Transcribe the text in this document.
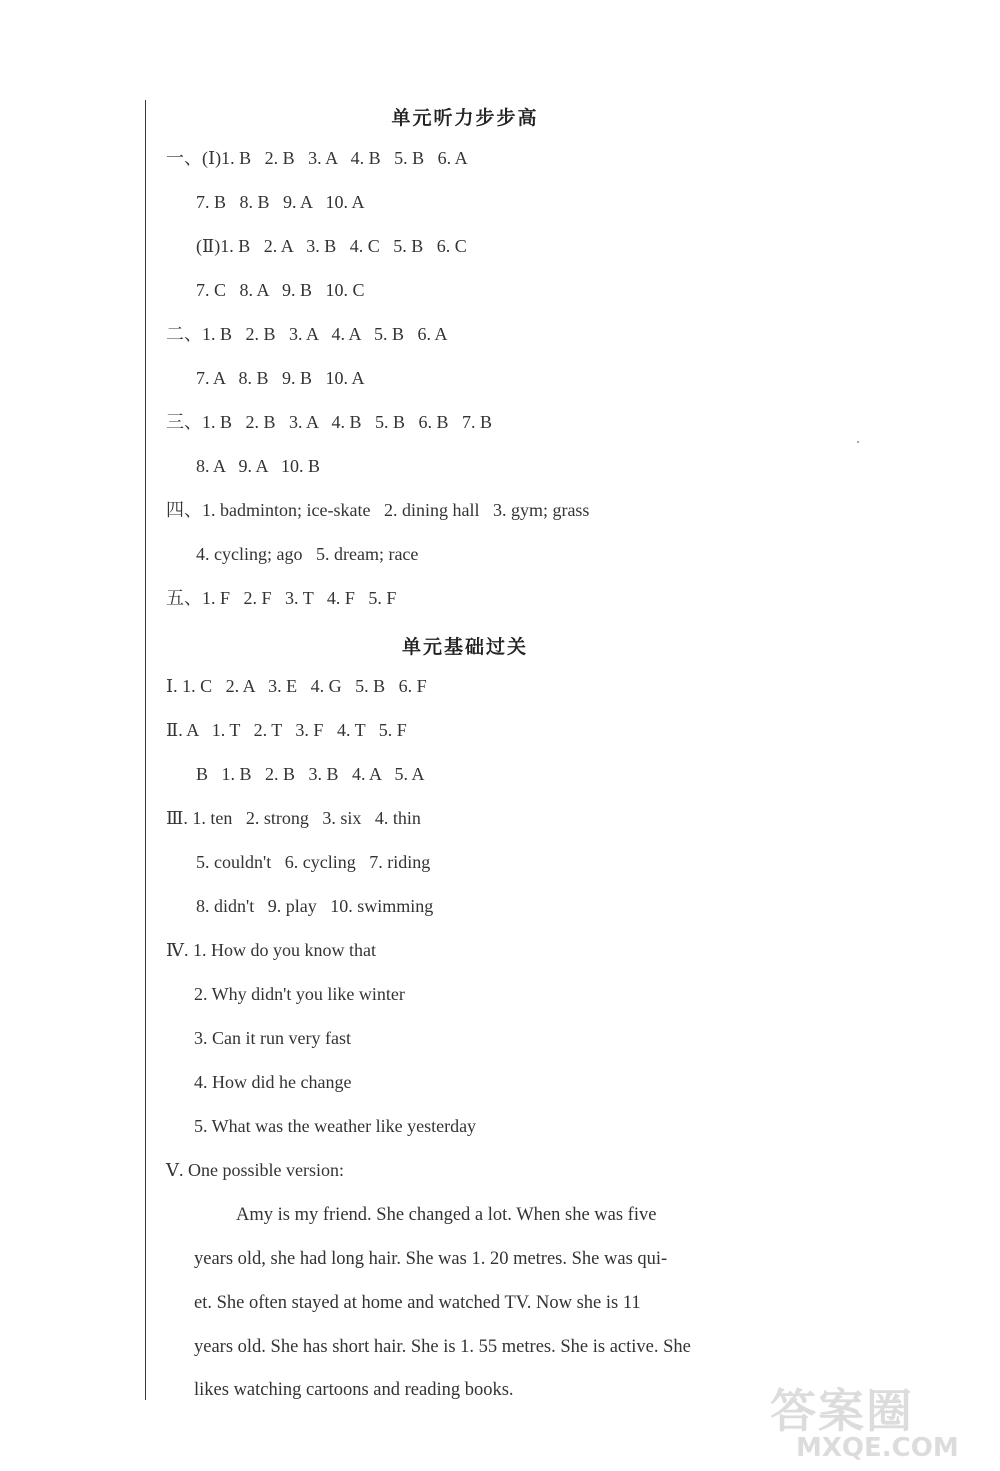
单元听力步步高
一、(Ⅰ)1. B   2. B   3. A   4. B   5. B   6. A
7. B   8. B   9. A   10. A
(Ⅱ)1. B   2. A   3. B   4. C   5. B   6. C
7. C   8. A   9. B   10. C
二、1. B   2. B   3. A   4. A   5. B   6. A
7. A   8. B   9. B   10. A
三、1. B   2. B   3. A   4. B   5. B   6. B   7. B
8. A   9. A   10. B
四、1. badminton; ice-skate   2. dining hall   3. gym; grass
4. cycling; ago   5. dream; race
五、1. F   2. F   3. T   4. F   5. F
单元基础过关
Ⅰ. 1. C   2. A   3. E   4. G   5. B   6. F
Ⅱ. A   1. T   2. T   3. F   4. T   5. F
B   1. B   2. B   3. B   4. A   5. A
Ⅲ. 1. ten   2. strong   3. six   4. thin
5. couldn't   6. cycling   7. riding
8. didn't   9. play   10. swimming
Ⅳ. 1. How do you know that
2. Why didn't you like winter
3. Can it run very fast
4. How did he change
5. What was the weather like yesterday
Ⅴ. One possible version:
Amy is my friend. She changed a lot. When she was five
years old, she had long hair. She was 1. 20 metres. She was qui-
et. She often stayed at home and watched TV. Now she is 11
years old. She has short hair. She is 1. 55 metres. She is active. She
likes watching cartoons and reading books.	答案圈
MXQE.COM
